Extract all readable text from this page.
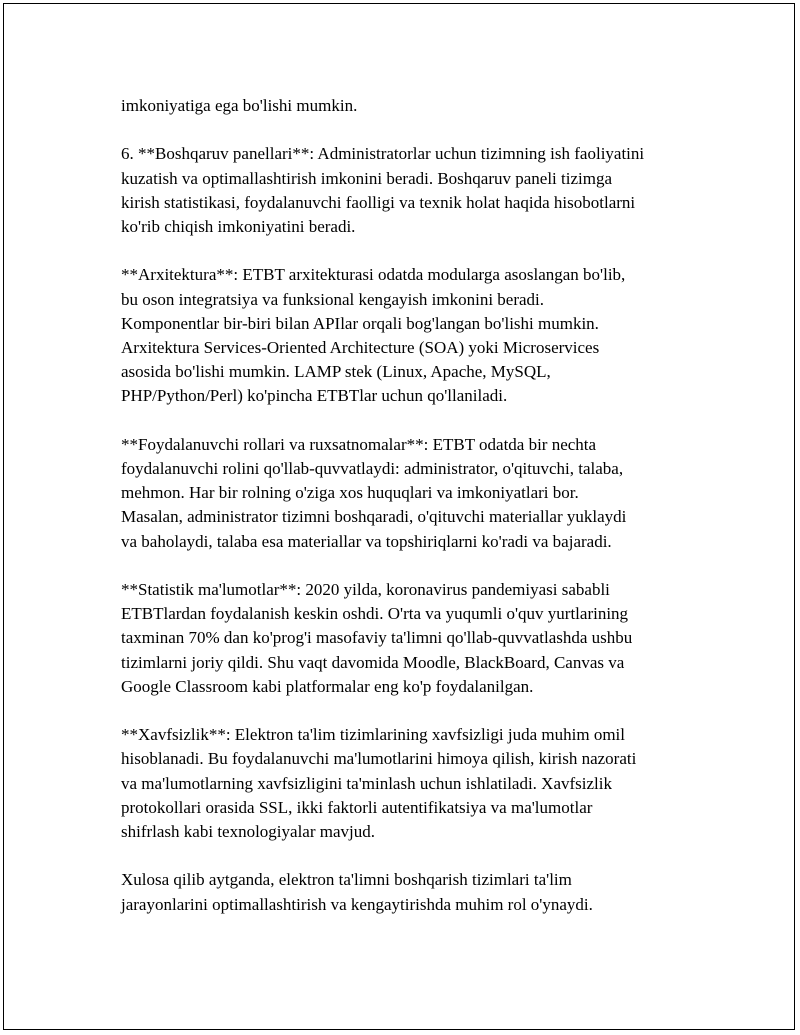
imkoniyatiga ega bo'lishi mumkin.

6. **Boshqaruv panellari**: Administratorlar uchun tizimning ish faoliyatini
kuzatish va optimallashtirish imkonini beradi. Boshqaruv paneli tizimga
kirish statistikasi, foydalanuvchi faolligi va texnik holat haqida hisobotlarni
ko'rib chiqish imkoniyatini beradi.

**Arxitektura**: ETBT arxitekturasi odatda modularga asoslangan bo'lib,
bu oson integratsiya va funksional kengayish imkonini beradi.
Komponentlar bir-biri bilan APIlar orqali bog'langan bo'lishi mumkin.
Arxitektura Services-Oriented Architecture (SOA) yoki Microservices
asosida bo'lishi mumkin. LAMP stek (Linux, Apache, MySQL,
PHP/Python/Perl) ko'pincha ETBTlar uchun qo'llaniladi.

**Foydalanuvchi rollari va ruxsatnomalar**: ETBT odatda bir nechta
foydalanuvchi rolini qo'llab-quvvatlaydi: administrator, o'qituvchi, talaba,
mehmon. Har bir rolning o'ziga xos huquqlari va imkoniyatlari bor.
Masalan, administrator tizimni boshqaradi, o'qituvchi materiallar yuklaydi
va baholaydi, talaba esa materiallar va topshiriqlarni ko'radi va bajaradi.

**Statistik ma'lumotlar**: 2020 yilda, koronavirus pandemiyasi sababli
ETBTlardan foydalanish keskin oshdi. O'rta va yuqumli o'quv yurtlarining
taxminan 70% dan ko'prog'i masofaviy ta'limni qo'llab-quvvatlashda ushbu
tizimlarni joriy qildi. Shu vaqt davomida Moodle, BlackBoard, Canvas va
Google Classroom kabi platformalar eng ko'p foydalanilgan.

**Xavfsizlik**: Elektron ta'lim tizimlarining xavfsizligi juda muhim omil
hisoblanadi. Bu foydalanuvchi ma'lumotlarini himoya qilish, kirish nazorati
va ma'lumotlarning xavfsizligini ta'minlash uchun ishlatiladi. Xavfsizlik
protokollari orasida SSL, ikki faktorli autentifikatsiya va ma'lumotlar
shifrlash kabi texnologiyalar mavjud.

Xulosa qilib aytganda, elektron ta'limni boshqarish tizimlari ta'lim
jarayonlarini optimallashtirish va kengaytirishda muhim rol o'ynaydi.
